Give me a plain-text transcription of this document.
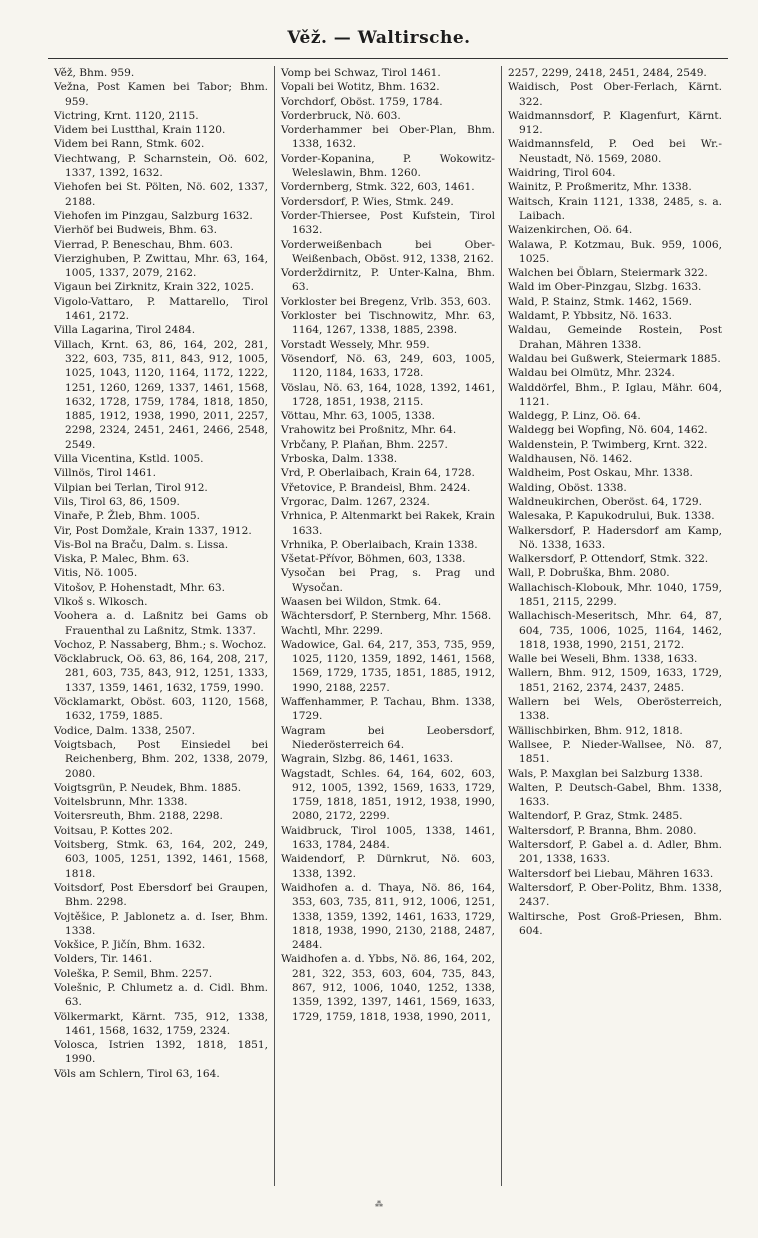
Věž. — Waltirsche.

Věž, Bhm. 959.

Vežna, Post Kamen bei Tabor; Bhm. 959.

Victring, Krnt. 1120, 2115.

Videm bei Lustthal, Krain 1120.

Videm bei Rann, Stmk. 602.

Viechtwang, P. Scharnstein, Oö. 602, 1337, 1392, 1632.

Viehofen bei St. Pölten, Nö. 602, 1337, 2188.

Viehofen im Pinzgau, Salzburg 1632.

Vierhöf bei Budweis, Bhm. 63.

Vierrad, P. Beneschau, Bhm. 603.

Vierzighuben, P. Zwittau, Mhr. 63, 164, 1005, 1337, 2079, 2162.

Vigaun bei Zirknitz, Krain 322, 1025.

Vigolo-Vattaro, P. Mattarello, Tirol 1461, 2172.

Villa Lagarina, Tirol 2484.

Villach, Krnt. 63, 86, 164, 202, 281, 322, 603, 735, 811, 843, 912, 1005, 1025, 1043, 1120, 1164, 1172, 1222, 1251, 1260, 1269, 1337, 1461, 1568, 1632, 1728, 1759, 1784, 1818, 1850, 1885, 1912, 1938, 1990, 2011, 2257, 2298, 2324, 2451, 2461, 2466, 2548, 2549.

Villa Vicentina, Kstld. 1005.

Villnös, Tirol 1461.

Vilpian bei Terlan, Tirol 912.

Vils, Tirol 63, 86, 1509.

Vinaře, P. Žleb, Bhm. 1005.

Vir, Post Domžale, Krain 1337, 1912.

Vis-Bol na Braču, Dalm. s. Lissa.

Viska, P. Malec, Bhm. 63.

Vitis, Nö. 1005.

Vitošov, P. Hohenstadt, Mhr. 63.

Vlkoš s. Wlkosch.

Voohera a. d. Laßnitz bei Gams ob Frauenthal zu Laßnitz, Stmk. 1337.

Vochoz, P. Nassaberg, Bhm.; s. Wochoz.

Vöcklabruck, Oö. 63, 86, 164, 208, 217, 281, 603, 735, 843, 912, 1251, 1333, 1337, 1359, 1461, 1632, 1759, 1990.

Vöcklamarkt, Oböst. 603, 1120, 1568, 1632, 1759, 1885.

Vodice, Dalm. 1338, 2507.

Voigtsbach, Post Einsiedel bei Reichenberg, Bhm. 202, 1338, 2079, 2080.

Voigtsgrün, P. Neudek, Bhm. 1885.

Voitelsbrunn, Mhr. 1338.

Voitersreuth, Bhm. 2188, 2298.

Voitsau, P. Kottes 202.

Voitsberg, Stmk. 63, 164, 202, 249, 603, 1005, 1251, 1392, 1461, 1568, 1818.

Voitsdorf, Post Ebersdorf bei Graupen, Bhm. 2298.

Vojtěšice, P. Jablonetz a. d. Iser, Bhm. 1338.

Vokšice, P. Jičín, Bhm. 1632.

Volders, Tir. 1461.

Voleška, P. Semil, Bhm. 2257.

Volešnic, P. Chlumetz a. d. Cidl. Bhm. 63.

Völkermarkt, Kärnt. 735, 912, 1338, 1461, 1568, 1632, 1759, 2324.

Volosca, Istrien 1392, 1818, 1851, 1990.

Völs am Schlern, Tirol 63, 164.

Vomp bei Schwaz, Tirol 1461.

Vopali bei Wotitz, Bhm. 1632.

Vorchdorf, Oböst. 1759, 1784.

Vorderbruck, Nö. 603.

Vorderhammer bei Ober-Plan, Bhm. 1338, 1632.

Vorder-Kopanina, P. Wokowitz-Weleslawin, Bhm. 1260.

Vordernberg, Stmk. 322, 603, 1461.

Vordersdorf, P. Wies, Stmk. 249.

Vorder-Thiersee, Post Kufstein, Tirol 1632.

Vorderweißenbach bei Ober-Weißenbach, Oböst. 912, 1338, 2162.

Vorderždirnitz, P. Unter-Kalna, Bhm. 63.

Vorkloster bei Bregenz, Vrlb. 353, 603.

Vorkloster bei Tischnowitz, Mhr. 63, 1164, 1267, 1338, 1885, 2398.

Vorstadt Wessely, Mhr. 959.

Vösendorf, Nö. 63, 249, 603, 1005, 1120, 1184, 1633, 1728.

Vöslau, Nö. 63, 164, 1028, 1392, 1461, 1728, 1851, 1938, 2115.

Vöttau, Mhr. 63, 1005, 1338.

Vrahowitz bei Proßnitz, Mhr. 64.

Vrbčany, P. Plaňan, Bhm. 2257.

Vrboska, Dalm. 1338.

Vrd, P. Oberlaibach, Krain 64, 1728.

Vřetovice, P. Brandeisl, Bhm. 2424.

Vrgorac, Dalm. 1267, 2324.

Vrhnica, P. Altenmarkt bei Rakek, Krain 1633.

Vrhnika, P. Oberlaibach, Krain 1338.

Všetat-Přívor, Böhmen, 603, 1338.

Vysočan bei Prag, s. Prag und Wysočan.

Waasen bei Wildon, Stmk. 64.

Wächtersdorf, P. Sternberg, Mhr. 1568.

Wachtl, Mhr. 2299.

Wadowice, Gal. 64, 217, 353, 735, 959, 1025, 1120, 1359, 1892, 1461, 1568, 1569, 1729, 1735, 1851, 1885, 1912, 1990, 2188, 2257.

Waffenhammer, P. Tachau, Bhm. 1338, 1729.

Wagram bei Leobersdorf, Niederösterreich 64.

Wagrain, Slzbg. 86, 1461, 1633.

Wagstadt, Schles. 64, 164, 602, 603, 912, 1005, 1392, 1569, 1633, 1729, 1759, 1818, 1851, 1912, 1938, 1990, 2080, 2172, 2299.

Waidbruck, Tirol 1005, 1338, 1461, 1633, 1784, 2484.

Waidendorf, P. Dürnkrut, Nö. 603, 1338, 1392.

Waidhofen a. d. Thaya, Nö. 86, 164, 353, 603, 735, 811, 912, 1006, 1251, 1338, 1359, 1392, 1461, 1633, 1729, 1818, 1938, 1990, 2130, 2188, 2487, 2484.

Waidhofen a. d. Ybbs, Nö. 86, 164, 202, 281, 322, 353, 603, 604, 735, 843, 867, 912, 1006, 1040, 1252, 1338, 1359, 1392, 1397, 1461, 1569, 1633, 1729, 1759, 1818, 1938, 1990, 2011,

2257, 2299, 2418, 2451, 2484, 2549.

Waidisch, Post Ober-Ferlach, Kärnt. 322.

Waidmannsdorf, P. Klagenfurt, Kärnt. 912.

Waidmannsfeld, P. Oed bei Wr.-Neustadt, Nö. 1569, 2080.

Waidring, Tirol 604.

Wainitz, P. Proßmeritz, Mhr. 1338.

Waitsch, Krain 1121, 1338, 2485, s. a. Laibach.

Waizenkirchen, Oö. 64.

Walawa, P. Kotzmau, Buk. 959, 1006, 1025.

Walchen bei Öblarn, Steiermark 322.

Wald im Ober-Pinzgau, Slzbg. 1633.

Wald, P. Stainz, Stmk. 1462, 1569.

Waldamt, P. Ybbsitz, Nö. 1633.

Waldau, Gemeinde Rostein, Post Drahan, Mähren 1338.

Waldau bei Gußwerk, Steiermark 1885.

Waldau bei Olmütz, Mhr. 2324.

Walddörfel, Bhm., P. Iglau, Mähr. 604, 1121.

Waldegg, P. Linz, Oö. 64.

Waldegg bei Wopfing, Nö. 604, 1462.

Waldenstein, P. Twimberg, Krnt. 322.

Waldhausen, Nö. 1462.

Waldheim, Post Oskau, Mhr. 1338.

Walding, Oböst. 1338.

Waldneukirchen, Oberöst. 64, 1729.

Walesaka, P. Kapukodrului, Buk. 1338.

Walkersdorf, P. Hadersdorf am Kamp, Nö. 1338, 1633.

Walkersdorf, P. Ottendorf, Stmk. 322.

Wall, P. Dobruška, Bhm. 2080.

Wallachisch-Klobouk, Mhr. 1040, 1759, 1851, 2115, 2299.

Wallachisch-Meseritsch, Mhr. 64, 87, 604, 735, 1006, 1025, 1164, 1462, 1818, 1938, 1990, 2151, 2172.

Walle bei Weseli, Bhm. 1338, 1633.

Wallern, Bhm. 912, 1509, 1633, 1729, 1851, 2162, 2374, 2437, 2485.

Wallern bei Wels, Oberösterreich, 1338.

Wällischbirken, Bhm. 912, 1818.

Wallsee, P. Nieder-Wallsee, Nö. 87, 1851.

Wals, P. Maxglan bei Salzburg 1338.

Walten, P. Deutsch-Gabel, Bhm. 1338, 1633.

Waltendorf, P. Graz, Stmk. 2485.

Waltersdorf, P. Branna, Bhm. 2080.

Waltersdorf, P. Gabel a. d. Adler, Bhm. 201, 1338, 1633.

Waltersdorf bei Liebau, Mähren 1633.

Waltersdorf, P. Ober-Politz, Bhm. 1338, 2437.

Waltirsche, Post Groß-Priesen, Bhm. 604.

⁂
